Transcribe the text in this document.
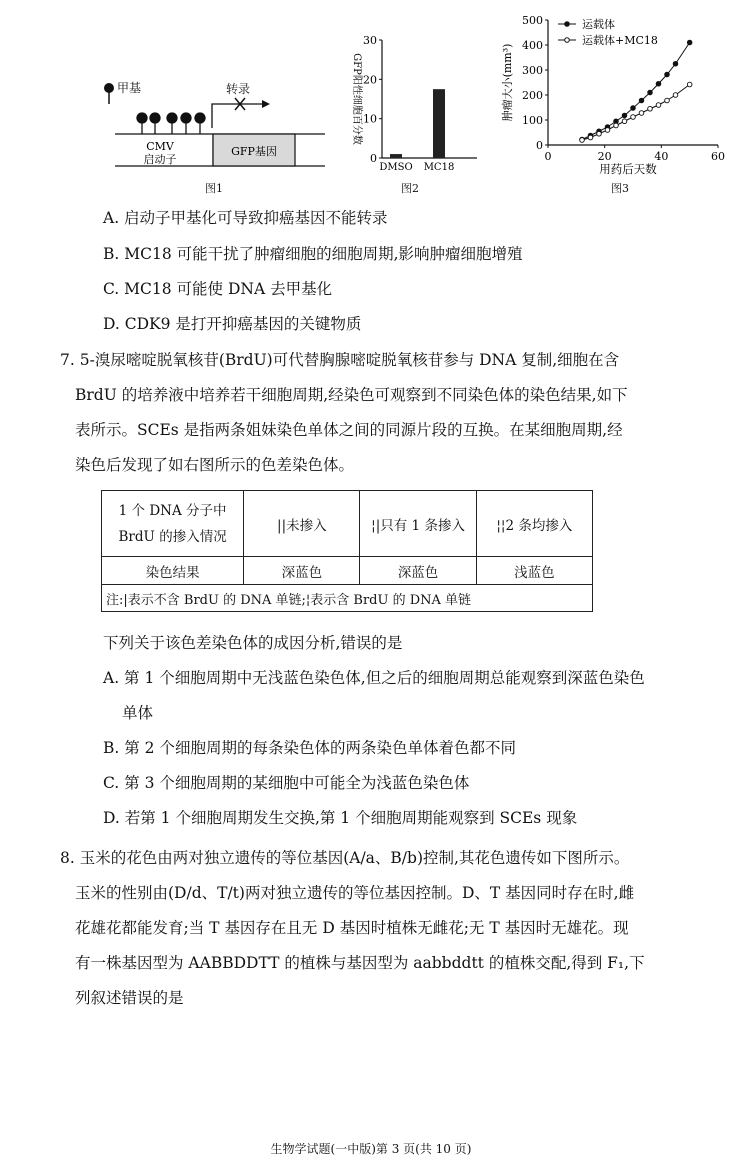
CMV
启动子
GFP基因
甲基	转录
图1
0
10
20
30
DMSO MC18
GFP阳性细胞百分数
图2
0
100
200
300
400
500
0	20	40	60
用药后天数
肿瘤大小(mm³)
运载体
运载体+MC18
图3
A. 启动子甲基化可导致抑癌基因不能转录
B. MC18 可能干扰了肿瘤细胞的细胞周期,影响肿瘤细胞增殖
C. MC18 可能使 DNA 去甲基化
D. CDK9 是打开抑癌基因的关键物质
7. 5-溴尿嘧啶脱氧核苷(BrdU)可代替胸腺嘧啶脱氧核苷参与 DNA 复制,细胞在含
BrdU 的培养液中培养若干细胞周期,经染色可观察到不同染色体的染色结果,如下
表所示。SCEs 是指两条姐妹染色单体之间的同源片段的互换。在某细胞周期,经
染色后发现了如右图所示的色差染色体。
1 个 DNA 分子中
BrdU 的掺入情况	||未掺入	¦|只有 1 条掺入	¦¦2 条均掺入
染色结果	深蓝色	深蓝色	浅蓝色
注:|表示不含 BrdU 的 DNA 单链;¦表示含 BrdU 的 DNA 单链			
下列关于该色差染色体的成因分析,错误的是
A. 第 1 个细胞周期中无浅蓝色染色体,但之后的细胞周期总能观察到深蓝色染色
单体
B. 第 2 个细胞周期的每条染色体的两条染色单体着色都不同
C. 第 3 个细胞周期的某细胞中可能全为浅蓝色染色体
D. 若第 1 个细胞周期发生交换,第 1 个细胞周期能观察到 SCEs 现象
8. 玉米的花色由两对独立遗传的等位基因(A/a、B/b)控制,其花色遗传如下图所示。
玉米的性别由(D/d、T/t)两对独立遗传的等位基因控制。D、T 基因同时存在时,雌
花雄花都能发育;当 T 基因存在且无 D 基因时植株无雌花;无 T 基因时无雄花。现
有一株基因型为 AABBDDTT 的植株与基因型为 aabbddtt 的植株交配,得到 F₁,下
列叙述错误的是
生物学试题(一中版)第 3 页(共 10 页)
